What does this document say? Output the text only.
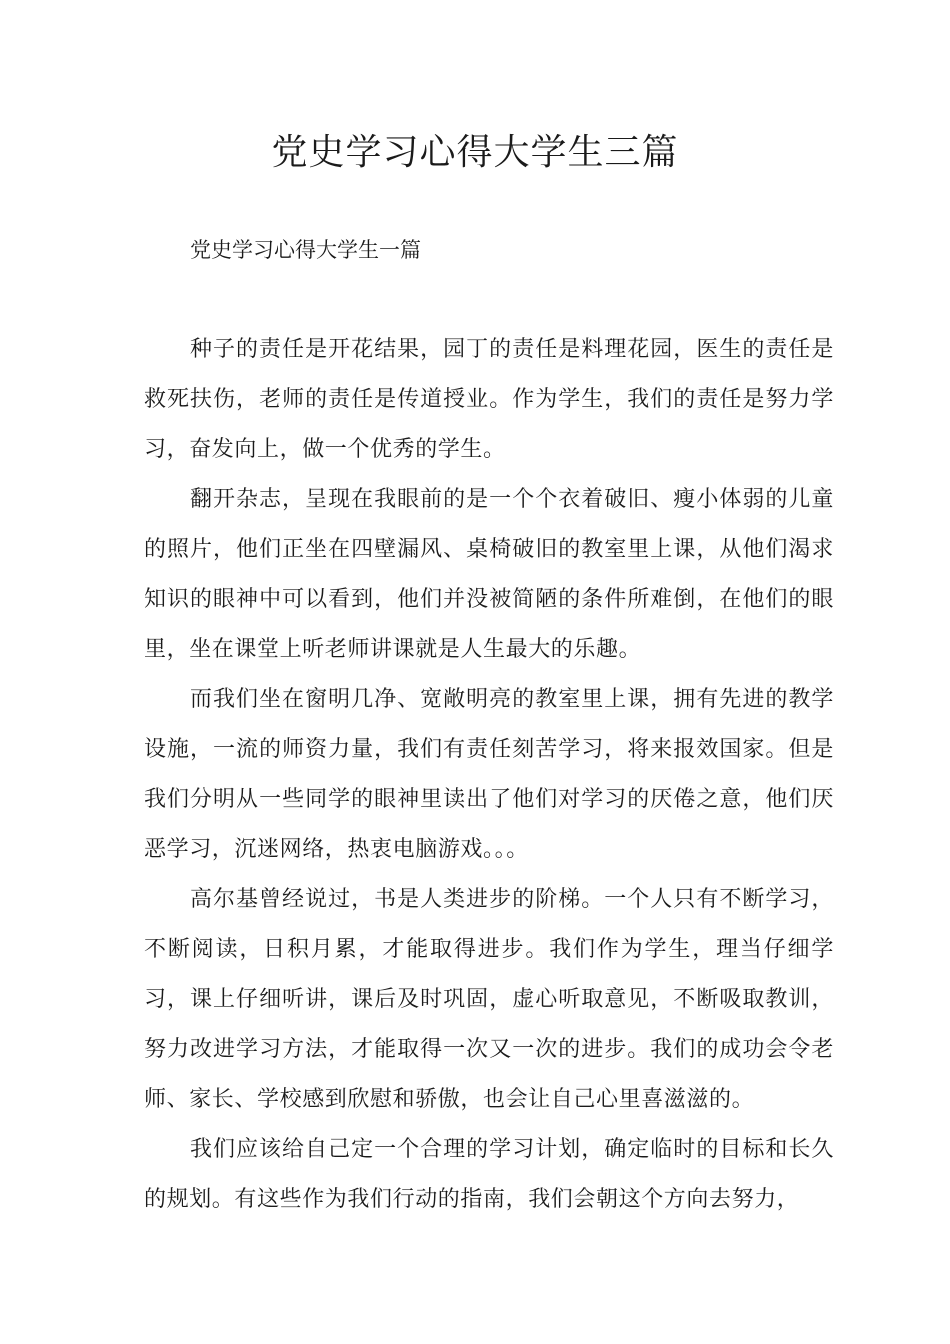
党史学习心得大学生三篇
党史学习心得大学生一篇

种子的责任是开花结果，园丁的责任是料理花园，医生的责任是救死扶伤，老师的责任是传道授业。作为学生，我们的责任是努力学习，奋发向上，做一个优秀的学生。

翻开杂志，呈现在我眼前的是一个个衣着破旧、瘦小体弱的儿童的照片，他们正坐在四壁漏风、桌椅破旧的教室里上课，从他们渴求知识的眼神中可以看到，他们并没被简陋的条件所难倒，在他们的眼里，坐在课堂上听老师讲课就是人生最大的乐趣。

而我们坐在窗明几净、宽敞明亮的教室里上课，拥有先进的教学设施，一流的师资力量，我们有责任刻苦学习，将来报效国家。但是我们分明从一些同学的眼神里读出了他们对学习的厌倦之意，他们厌恶学习，沉迷网络，热衷电脑游戏。。。

高尔基曾经说过，书是人类进步的阶梯。一个人只有不断学习，不断阅读，日积月累，才能取得进步。我们作为学生，理当仔细学习，课上仔细听讲，课后及时巩固，虚心听取意见，不断吸取教训，努力改进学习方法，才能取得一次又一次的进步。我们的成功会令老师、家长、学校感到欣慰和骄傲，也会让自己心里喜滋滋的。

我们应该给自己定一个合理的学习计划，确定临时的目标和长久的规划。有这些作为我们行动的指南，我们会朝这个方向去努力，
